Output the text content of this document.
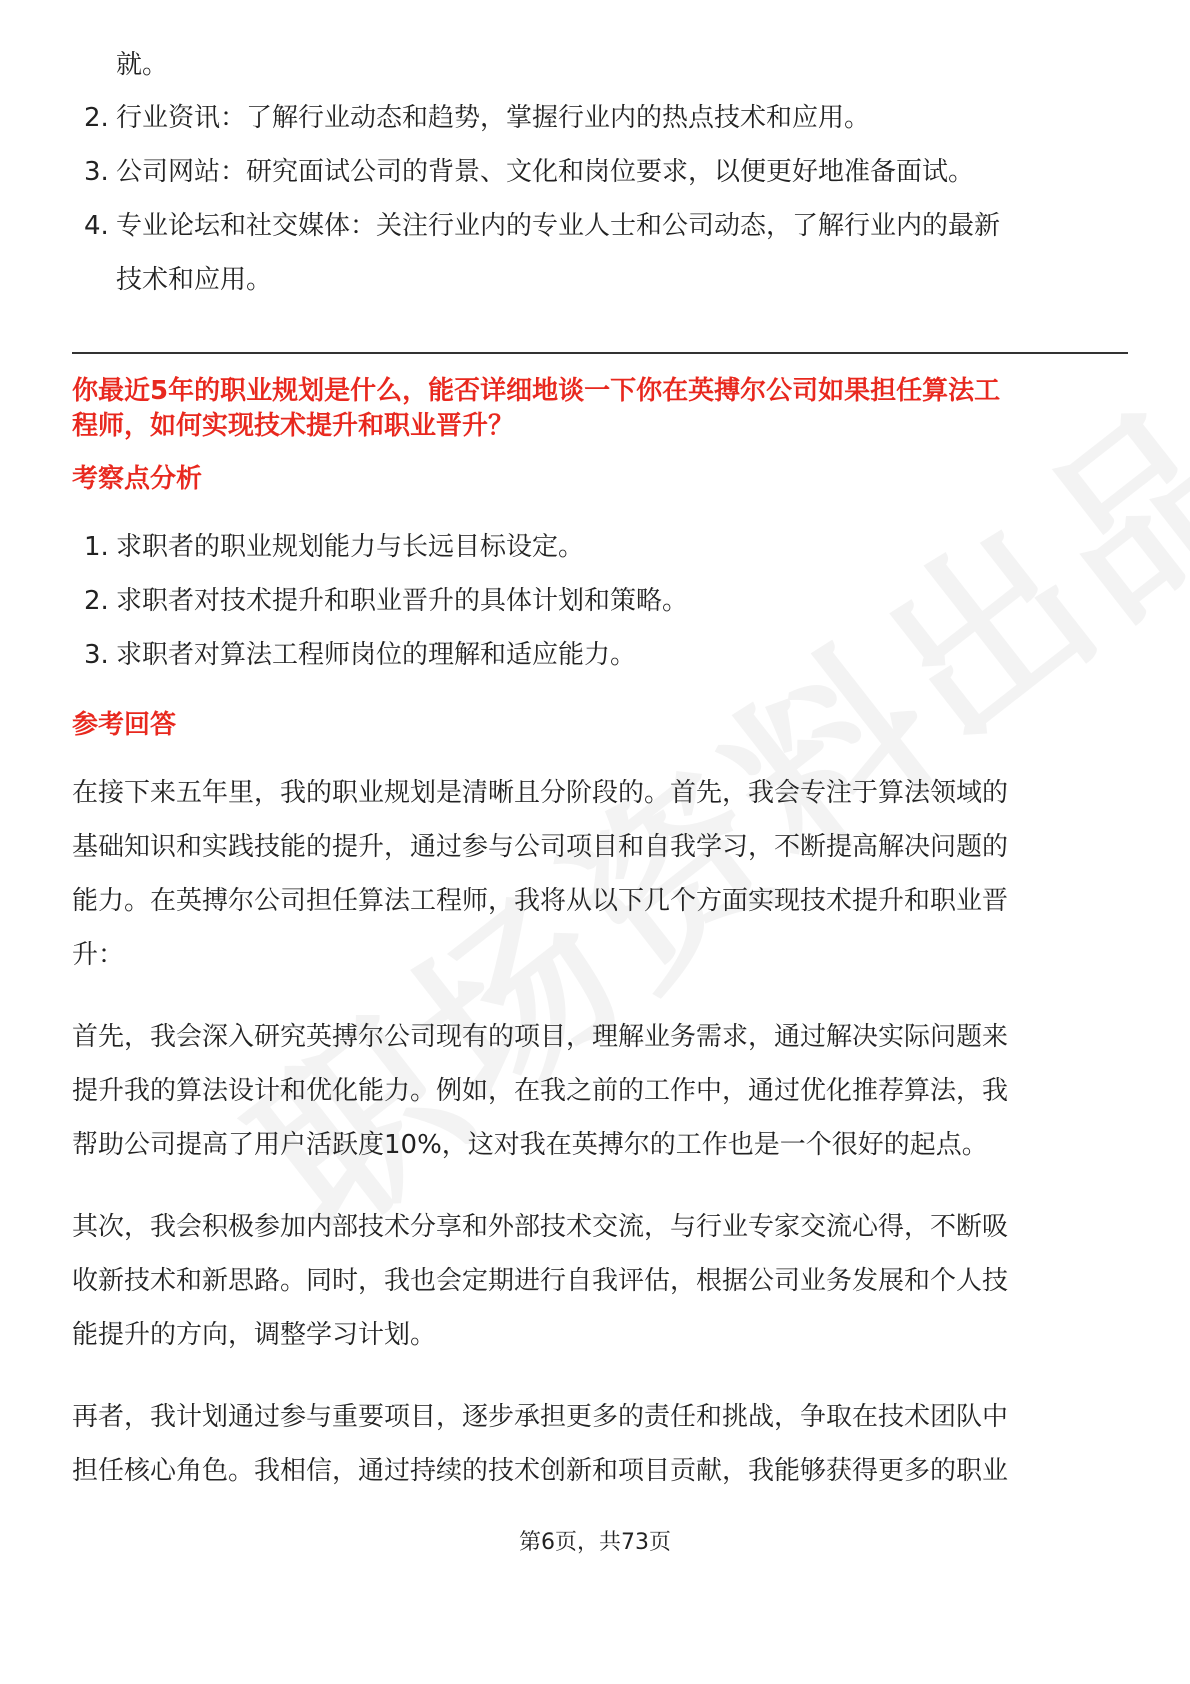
就。
2. 行业资讯：了解行业动态和趋势，掌握行业内的热点技术和应用。
3. 公司网站：研究面试公司的背景、文化和岗位要求，以便更好地准备面试。
4. 专业论坛和社交媒体：关注行业内的专业人士和公司动态，了解行业内的最新
技术和应用。
你最近5年的职业规划是什么，能否详细地谈一下你在英搏尔公司如果担任算法工
程师，如何实现技术提升和职业晋升？
考察点分析
1. 求职者的职业规划能力与长远目标设定。
2. 求职者对技术提升和职业晋升的具体计划和策略。
3. 求职者对算法工程师岗位的理解和适应能力。
参考回答
在接下来五年里，我的职业规划是清晰且分阶段的。首先，我会专注于算法领域的
基础知识和实践技能的提升，通过参与公司项目和自我学习，不断提高解决问题的
能力。在英搏尔公司担任算法工程师，我将从以下几个方面实现技术提升和职业晋
升：
首先，我会深入研究英搏尔公司现有的项目，理解业务需求，通过解决实际问题来
提升我的算法设计和优化能力。例如，在我之前的工作中，通过优化推荐算法，我
帮助公司提高了用户活跃度10%，这对我在英搏尔的工作也是一个很好的起点。
其次，我会积极参加内部技术分享和外部技术交流，与行业专家交流心得，不断吸
收新技术和新思路。同时，我也会定期进行自我评估，根据公司业务发展和个人技
能提升的方向，调整学习计划。
再者，我计划通过参与重要项目，逐步承担更多的责任和挑战，争取在技术团队中
担任核心角色。我相信，通过持续的技术创新和项目贡献，我能够获得更多的职业
第6页，共73页
